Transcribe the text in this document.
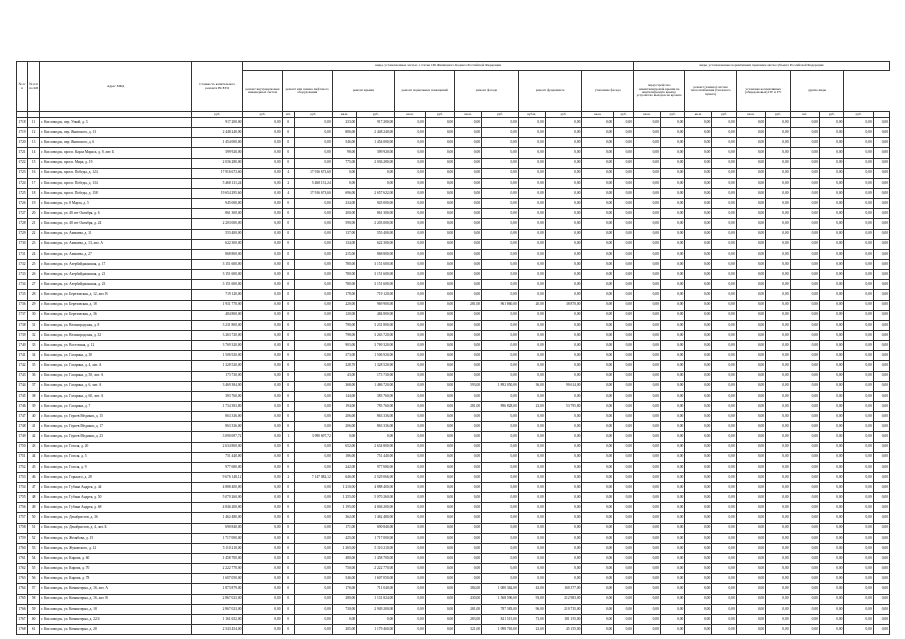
№ п/п	№ п/п по КП	Адрес МКД	Стоимость капитального ремонта ВСЕГО	виды, установленные частью 1 статьи 166 Жилищного Кодекса Российской Федерации													виды, установленные нормативным правовым актом субъекта Российской Федерации									
				ремонт внутридомовых инженерных систем	ремонт или замена лифтового оборудования		ремонт крыши		ремонт подвальных помещений		ремонт фасада		ремонт фундамента		утепление фасада		переустройство невентилируемой крыши на вентилируемую крышу, устройство выходов на кровлю		ремонт (замена) систем теплоснабжения (теплового пункта)		установка коллективных (общедомовых) ПУ и УУ		другие виды			
			руб.	руб.	шт.	руб.	кв.м.	руб.	кв.м.	руб.	кв.м.	руб.	куб.м.	руб.	кв.м.	руб.	кв.м.	руб.	кв.м.	руб.	кв.м.	руб.	шт.	руб.	руб.	
1718	11	г. Кисловодск, пер. Узкий, д. 3	917 200,00	0,00	0	0,00	233,00	917 200,00	0,00	0,00	0,00	0,00	0,00	0,00	0,00	0,00	0,00	0,00	0,00	0,00	0,00	0,00	0,00	0,00	0,00	0,00
1719	12	г. Кисловодск, пер. Яновского, д. 13	2 448 240,00	0,00	0	0,00	806,00	2 448 240,00	0,00	0,00	0,00	0,00	0,00	0,00	0,00	0,00	0,00	0,00	0,00	0,00	0,00	0,00	0,00	0,00	0,00	0,00
1720	13	г. Кисловодск, пер. Яновского, д. 6	1 454 000,00	0,00	0	0,00	546,00	1 454 000,00	0,00	0,00	0,00	0,00	0,00	0,00	0,00	0,00	0,00	0,00	0,00	0,00	0,00	0,00	0,00	0,00	0,00	0,00
1721	14	г. Кисловодск, просп. Карла Маркса, д. 9, лит. Б	399 920,00	0,00	0	0,00	98,00	399 920,00	0,00	0,00	0,00	0,00	0,00	0,00	0,00	0,00	0,00	0,00	0,00	0,00	0,00	0,00	0,00	0,00	0,00	0,00
1722	15	г. Кисловодск, просп. Мира, д. 19	2 036 280,00	0,00	0	0,00	775,00	2 036 280,00	0,00	0,00	0,00	0,00	0,00	0,00	0,00	0,00	0,00	0,00	0,00	0,00	0,00	0,00	0,00	0,00	0,00	0,00
1723	16	г. Кисловодск, просп. Победы, д. 124	17 916 673,60	0,00	4	17 916 673,60	0,00	0,00	0,00	0,00	0,00	0,00	0,00	0,00	0,00	0,00	0,00	0,00	0,00	0,00	0,00	0,00	0,00	0,00	0,00	0,00
1724	17	г. Кисловодск, просп. Победы, д. 134	5 468 131,24	0,00	2	5 468 131,24	0,00	0,00	0,00	0,00	0,00	0,00	0,00	0,00	0,00	0,00	0,00	0,00	0,00	0,00	0,00	0,00	0,00	0,00	0,00	0,00
1725	18	г. Кисловодск, просп. Победы, д. 158	19 654 295,60	0,00	4	17 916 673,60	696,00	2 657 622,00	0,00	0,00	0,00	0,00	0,00	0,00	0,00	0,00	0,00	0,00	0,00	0,00	0,00	0,00	0,00	0,00	0,00	0,00
1726	19	г. Кисловодск, ул. 8 Марта, д. 5	945 000,00	0,00	0	0,00	234,00	945 000,00	0,00	0,00	0,00	0,00	0,00	0,00	0,00	0,00	0,00	0,00	0,00	0,00	0,00	0,00	0,00	0,00	0,00	0,00
1727	20	г. Кисловодск, ул. 40 лет Октября, д. 6	861 300,00	0,00	0	0,00	200,00	861 300,00	0,00	0,00	0,00	0,00	0,00	0,00	0,00	0,00	0,00	0,00	0,00	0,00	0,00	0,00	0,00	0,00	0,00	0,00
1728	21	г. Кисловодск, ул. 40 лет Октября, д. 24	2 203 000,00	0,00	0	0,00	590,00	2 203 000,00	0,00	0,00	0,00	0,00	0,00	0,00	0,00	0,00	0,00	0,00	0,00	0,00	0,00	0,00	0,00	0,00	0,00	0,00
1729	22	г. Кисловодск, ул. Аммаева, д. 11	553 400,00	0,00	0	0,00	137,00	553 400,00	0,00	0,00	0,00	0,00	0,00	0,00	0,00	0,00	0,00	0,00	0,00	0,00	0,00	0,00	0,00	0,00	0,00	0,00
1730	23	г. Кисловодск, ул. Аммаева, д. 13, лит. А	622 300,00	0,00	0	0,00	134,00	622 300,00	0,00	0,00	0,00	0,00	0,00	0,00	0,00	0,00	0,00	0,00	0,00	0,00	0,00	0,00	0,00	0,00	0,00	0,00
1731	24	г. Кисловодск, ул. Аммаева, д. 27	868 800,00	0,00	0	0,00	215,00	868 800,00	0,00	0,00	0,00	0,00	0,00	0,00	0,00	0,00	0,00	0,00	0,00	0,00	0,00	0,00	0,00	0,00	0,00	0,00
1732	25	г. Кисловодск, ул. Азербайджанская, д. 17	3 151 600,00	0,00	0	0,00	780,00	3 151 600,00	0,00	0,00	0,00	0,00	0,00	0,00	0,00	0,00	0,00	0,00	0,00	0,00	0,00	0,00	0,00	0,00	0,00	0,00
1733	26	г. Кисловодск, ул. Азербайджанская, д. 21	3 151 600,00	0,00	0	0,00	780,00	3 151 600,00	0,00	0,00	0,00	0,00	0,00	0,00	0,00	0,00	0,00	0,00	0,00	0,00	0,00	0,00	0,00	0,00	0,00	0,00
1734	27	г. Кисловодск, ул. Азербайджанская, д. 23	3 151 600,00	0,00	0	0,00	780,00	3 151 600,00	0,00	0,00	0,00	0,00	0,00	0,00	0,00	0,00	0,00	0,00	0,00	0,00	0,00	0,00	0,00	0,00	0,00	0,00
1735	28	г. Кисловодск, ул. Березовская, д. 12, лит. В	719 120,00	0,00	0	0,00	178,00	719 120,00	0,00	0,00	0,00	0,00	0,00	0,00	0,00	0,00	0,00	0,00	0,00	0,00	0,00	0,00	0,00	0,00	0,00	0,00
1736	29	г. Кисловодск, ул. Березовская, д. 18	1 931 770,00	0,00	0	0,00	220,00	969 900,00	0,00	0,00	281,00	961 860,00	20,00	38 870,00	0,00	0,00	0,00	0,00	0,00	0,00	0,00	0,00	0,00	0,00	0,00	0,00
1737	30	г. Кисловодск, ул. Березовская, д. 36	484 800,00	0,00	0	0,00	120,00	484 800,00	0,00	0,00	0,00	0,00	0,00	0,00	0,00	0,00	0,00	0,00	0,00	0,00	0,00	0,00	0,00	0,00	0,00	0,00
1738	31	г. Кисловодск, ул. Велинградская, д. 8	3 231 800,00	0,00	0	0,00	790,00	3 231 800,00	0,00	0,00	0,00	0,00	0,00	0,00	0,00	0,00	0,00	0,00	0,00	0,00	0,00	0,00	0,00	0,00	0,00	0,00
1739	32	г. Кисловодск, ул. Велинградская, д. 32	3 263 720,00	0,00	0	0,00	798,00	3 263 720,00	0,00	0,00	0,00	0,00	0,00	0,00	0,00	0,00	0,00	0,00	0,00	0,00	0,00	0,00	0,00	0,00	0,00	0,00
1740	33	г. Кисловодск, ул. Восточная, д. 12	3 769 320,00	0,00	0	0,00	903,00	3 769 320,00	0,00	0,00	0,00	0,00	0,00	0,00	0,00	0,00	0,00	0,00	0,00	0,00	0,00	0,00	0,00	0,00	0,00	0,00
1741	34	г. Кисловодск, ул. Гагарина, д. 30	1 506 920,00	0,00	0	0,00	373,00	1 506 920,00	0,00	0,00	0,00	0,00	0,00	0,00	0,00	0,00	0,00	0,00	0,00	0,00	0,00	0,00	0,00	0,00	0,00	0,00
1742	35	г. Кисловодск, ул. Гагарина, д. 4, лит. А	1 328 520,00	0,00	0	0,00	328,70	1 328 520,00	0,00	0,00	0,00	0,00	0,00	0,00	0,00	0,00	0,00	0,00	0,00	0,00	0,00	0,00	0,00	0,00	0,00	0,00
1743	36	г. Кисловодск, ул. Гагарина, д. 50, лит. А	173 730,00	0,00	0	0,00	43,00	173 730,00	0,00	0,00	0,00	0,00	0,00	0,00	0,00	0,00	0,00	0,00	0,00	0,00	0,00	0,00	0,00	0,00	0,00	0,00
1744	37	г. Кисловодск, ул. Гагарина, д. 6, лит. А	3 469 384,00	0,00	0	0,00	368,00	1 486 720,00	0,00	0,00	593,00	1 892 050,00	36,00	90 614,00	0,00	0,00	0,00	0,00	0,00	0,00	0,00	0,00	0,00	0,00	0,00	0,00
1745	38	г. Кисловодск, ул. Гагарина, д. 60, лит. А	383 760,00	0,00	0	0,00	144,00	383 760,00	0,00	0,00	0,00	0,00	0,00	0,00	0,00	0,00	0,00	0,00	0,00	0,00	0,00	0,00	0,00	0,00	0,00	0,00
1746	39	г. Кисловодск, ул. Гагарина, д. 7	1 734 383,80	0,00	0	0,00	194,00	783 760,00	0,00	0,00	281,00	896 828,00	23,00	53 795,80	0,00	0,00	0,00	0,00	0,00	0,00	0,00	0,00	0,00	0,00	0,00	0,00
1747	40	г. Кисловодск, ул. Героев Медиков, д. 15	863 336,00	0,00	0	0,00	206,00	863 336,00	0,00	0,00	0,00	0,00	0,00	0,00	0,00	0,00	0,00	0,00	0,00	0,00	0,00	0,00	0,00	0,00	0,00	0,00
1748	41	г. Кисловодск, ул. Героев Медиков, д. 17	863 336,00	0,00	0	0,00	206,00	863 336,00	0,00	0,00	0,00	0,00	0,00	0,00	0,00	0,00	0,00	0,00	0,00	0,00	0,00	0,00	0,00	0,00	0,00	0,00
1749	42	г. Кисловодск, ул. Героев Медиков, д. 23	3 090 697,72	0,00	1	3 090 697,72	0,00	0,00	0,00	0,00	0,00	0,00	0,00	0,00	0,00	0,00	0,00	0,00	0,00	0,00	0,00	0,00	0,00	0,00	0,00	0,00
1750	43	г. Кисловодск, ул. Гоголя, д. 20	2 634 800,00	0,00	0	0,00	652,00	2 634 800,00	0,00	0,00	0,00	0,00	0,00	0,00	0,00	0,00	0,00	0,00	0,00	0,00	0,00	0,00	0,00	0,00	0,00	0,00
1751	44	г. Кисловодск, ул. Гоголя, д. 5	751 440,00	0,00	0	0,00	186,00	751 440,00	0,00	0,00	0,00	0,00	0,00	0,00	0,00	0,00	0,00	0,00	0,00	0,00	0,00	0,00	0,00	0,00	0,00	0,00
1752	45	г. Кисловодск, ул. Гоголя, д. 9	977 680,00	0,00	0	0,00	242,00	977 680,00	0,00	0,00	0,00	0,00	0,00	0,00	0,00	0,00	0,00	0,00	0,00	0,00	0,00	0,00	0,00	0,00	0,00	0,00
1753	46	г. Кисловодск, ул. Горького, д. 28	9 676 148,12	0,00	2	7 147 082,12	646,00	2 529 066,00	0,00	0,00	0,00	0,00	0,00	0,00	0,00	0,00	0,00	0,00	0,00	0,00	0,00	0,00	0,00	0,00	0,00	0,00
1754	47	г. Кисловодск, ул. Губина Андрея, д. 44	4 888 400,00	0,00	0	0,00	1 210,00	4 888 400,00	0,00	0,00	0,00	0,00	0,00	0,00	0,00	0,00	0,00	0,00	0,00	0,00	0,00	0,00	0,00	0,00	0,00	0,00
1755	48	г. Кисловодск, ул. Губина Андрея, д. 50	5 070 260,00	0,00	0	0,00	1 255,00	5 070 260,00	0,00	0,00	0,00	0,00	0,00	0,00	0,00	0,00	0,00	0,00	0,00	0,00	0,00	0,00	0,00	0,00	0,00	0,00
1756	49	г. Кисловодск, ул. Губина Андрея, д. 68	4 846 200,00	0,00	0	0,00	1 195,00	4 846 200,00	0,00	0,00	0,00	0,00	0,00	0,00	0,00	0,00	0,00	0,00	0,00	0,00	0,00	0,00	0,00	0,00	0,00	0,00
1757	50	г. Кисловодск, ул. Декабристов, д. 36	1 462 480,00	0,00	0	0,00	362,00	1 462 480,00	0,00	0,00	0,00	0,00	0,00	0,00	0,00	0,00	0,00	0,00	0,00	0,00	0,00	0,00	0,00	0,00	0,00	0,00
1758	51	г. Кисловодск, ул. Декабристов, д. 4, лит. Б	690 840,00	0,00	0	0,00	171,00	690 840,00	0,00	0,00	0,00	0,00	0,00	0,00	0,00	0,00	0,00	0,00	0,00	0,00	0,00	0,00	0,00	0,00	0,00	0,00
1759	52	г. Кисловодск, ул. Желябова, д. 15	1 717 000,00	0,00	0	0,00	425,00	1 717 000,00	0,00	0,00	0,00	0,00	0,00	0,00	0,00	0,00	0,00	0,00	0,00	0,00	0,00	0,00	0,00	0,00	0,00	0,00
1760	53	г. Кисловодск, ул. Жуковского, д. 12	5 110 210,00	0,00	0	0,00	1 265,00	5 110 210,00	0,00	0,00	0,00	0,00	0,00	0,00	0,00	0,00	0,00	0,00	0,00	0,00	0,00	0,00	0,00	0,00	0,00	0,00
1761	54	г. Кисловодск, ул. Кирова, д. 60	1 458 700,00	0,00	0	0,00	480,00	1 458 700,00	0,00	0,00	0,00	0,00	0,00	0,00	0,00	0,00	0,00	0,00	0,00	0,00	0,00	0,00	0,00	0,00	0,00	0,00
1762	55	г. Кисловодск, ул. Кирова, д. 70	2 222 770,00	0,00	0	0,00	750,00	2 222 770,00	0,00	0,00	0,00	0,00	0,00	0,00	0,00	0,00	0,00	0,00	0,00	0,00	0,00	0,00	0,00	0,00	0,00	0,00
1763	56	г. Кисловодск, ул. Кирова, д. 78	1 607 050,00	0,00	0	0,00	546,00	1 607 050,00	0,00	0,00	0,00	0,00	0,00	0,00	0,00	0,00	0,00	0,00	0,00	0,00	0,00	0,00	0,00	0,00	0,00	0,00
1764	57	г. Кисловодск, ул. Коминтерна, д. 16, лит. А	1 873 879,00	0,00	0	0,00	176,00	711 040,00	0,00	0,00	384,00	1 000 362,00	43,00	160 377,00	0,00	0,00	0,00	0,00	0,00	0,00	0,00	0,00	0,00	0,00	0,00	0,00
1765	58	г. Кисловодск, ул. Коминтерна, д. 16, лит. В	2 867 023,00	0,00	0	0,00	280,00	1 131 824,00	0,00	0,00	430,00	1 568 596,00	93,00	212 983,00	0,00	0,00	0,00	0,00	0,00	0,00	0,00	0,00	0,00	0,00	0,00	0,00
1766	59	г. Кисловодск, ул. Коминтерна, д. 18	2 867 023,00	0,00	0	0,00	730,00	2 949 200,00	0,00	0,00	281,00	787 383,00	96,00	210 735,00	0,00	0,00	0,00	0,00	0,00	0,00	0,00	0,00	0,00	0,00	0,00	0,00
1767	60	г. Кисловодск, ул. Коминтерна, д. 22/4	1 161 652,00	0,00	0	0,00	0,00	0,00	0,00	0,00	283,00	821 515,00	73,00	181 155,00	0,00	0,00	0,00	0,00	0,00	0,00	0,00	0,00	0,00	0,00	0,00	0,00
1768	61	г. Кисловодск, ул. Коминтерна, д. 28	2 543 454,00	0,00	0	0,00	205,00	1 179 460,00	0,00	0,00	321,00	1 098 765,00	23,00	45 155,00	0,00	0,00	0,00	0,00	0,00	0,00	0,00	0,00	0,00	0,00	0,00	0,00
